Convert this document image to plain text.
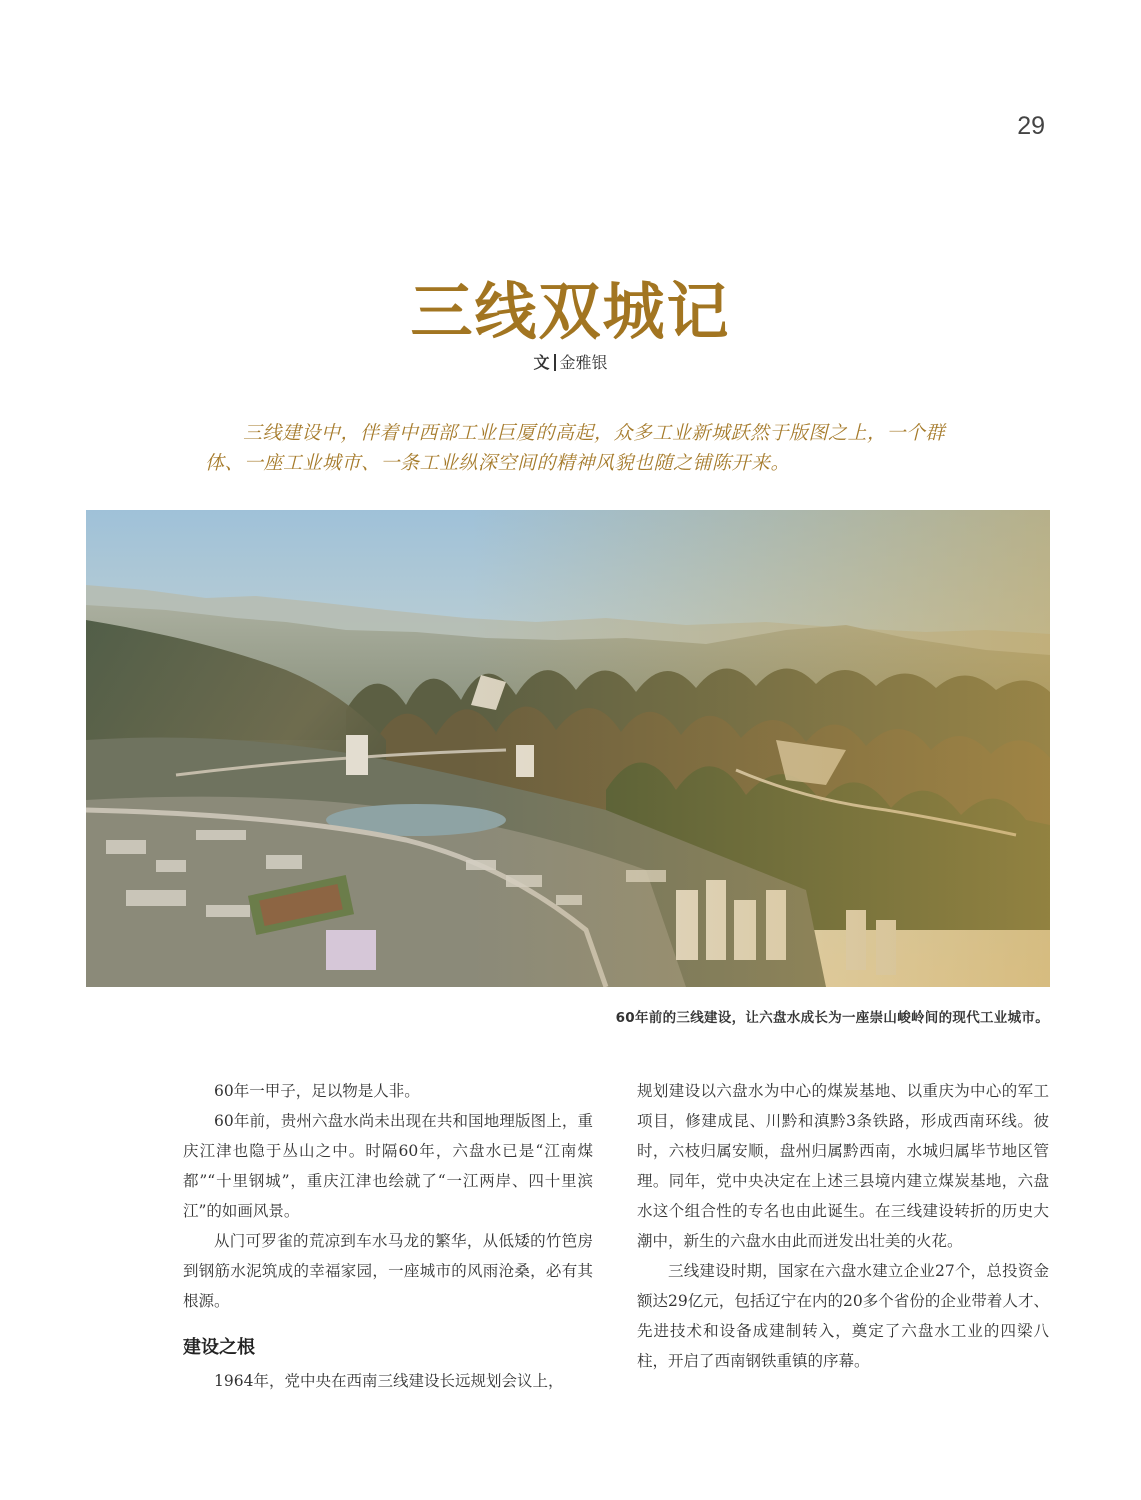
29
三线双城记
文 金雅银
三线建设中，伴着中西部工业巨厦的高起，众多工业新城跃然于版图之上，一个群体、一座工业城市、一条工业纵深空间的精神风貌也随之铺陈开来。
60年前的三线建设，让六盘水成长为一座崇山峻岭间的现代工业城市。

60年一甲子，足以物是人非。

60年前，贵州六盘水尚未出现在共和国地理版图上，重庆江津也隐于丛山之中。时隔60年，六盘水已是“江南煤都”“十里钢城”，重庆江津也绘就了“一江两岸、四十里滨江”的如画风景。

从门可罗雀的荒凉到车水马龙的繁华，从低矮的竹笆房到钢筋水泥筑成的幸福家园，一座城市的风雨沧桑，必有其根源。

建设之根

1964年，党中央在西南三线建设长远规划会议上，

规划建设以六盘水为中心的煤炭基地、以重庆为中心的军工项目，修建成昆、川黔和滇黔3条铁路，形成西南环线。彼时，六枝归属安顺，盘州归属黔西南，水城归属毕节地区管理。同年，党中央决定在上述三县境内建立煤炭基地，六盘水这个组合性的专名也由此诞生。在三线建设转折的历史大潮中，新生的六盘水由此而迸发出壮美的火花。

三线建设时期，国家在六盘水建立企业27个，总投资金额达29亿元，包括辽宁在内的20多个省份的企业带着人才、先进技术和设备成建制转入，奠定了六盘水工业的四梁八柱，开启了西南钢铁重镇的序幕。
